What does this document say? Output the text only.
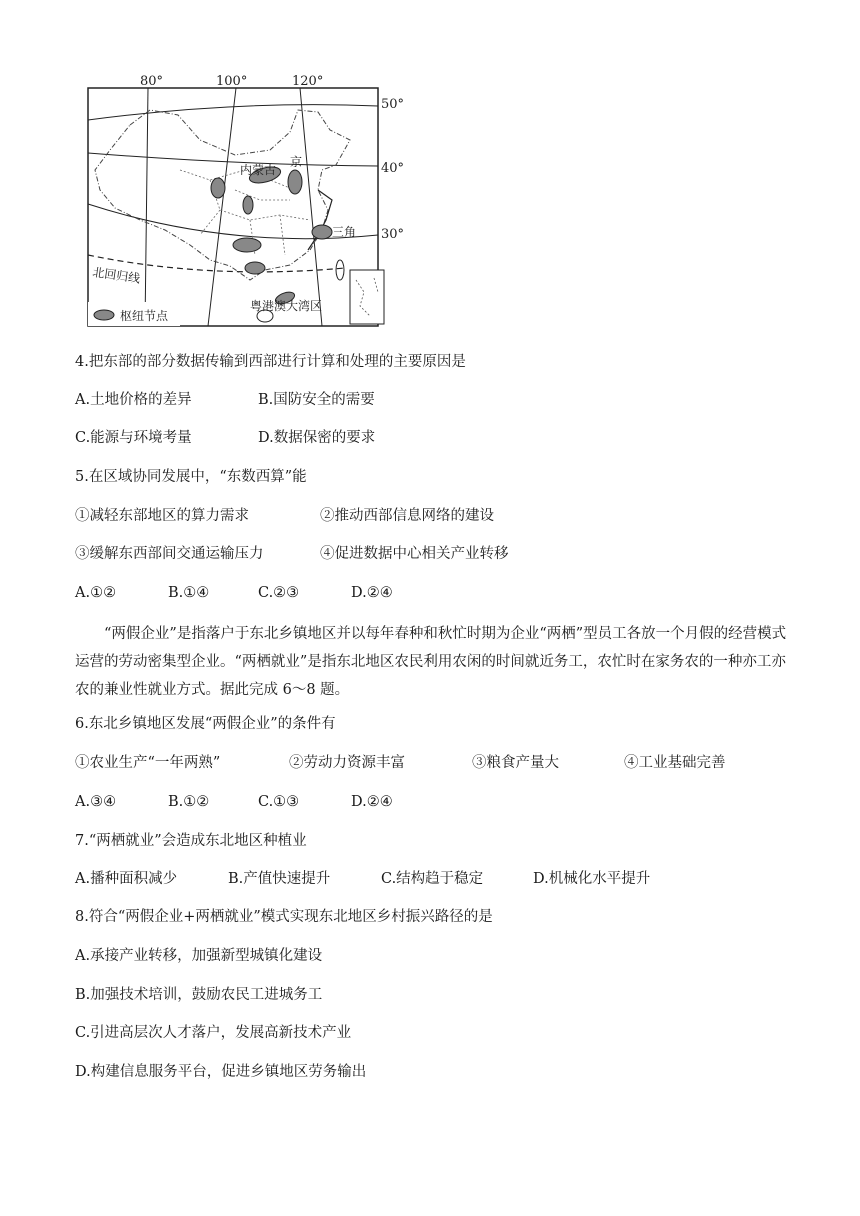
80°	100°	120°
50°
40°
30°
北回归线
枢纽节点
内蒙古
京
三角
粤港澳大湾区
4.把东部的部分数据传输到西部进行计算和处理的主要原因是
A.土地价格的差异	B.国防安全的需要
C.能源与环境考量	D.数据保密的要求
5.在区域协同发展中，“东数西算”能
①减轻东部地区的算力需求	②推动西部信息网络的建设
③缓解东西部间交通运输压力	④促进数据中心相关产业转移
A.①②	B.①④	C.②③	D.②④
“两假企业”是指落户于东北乡镇地区并以每年春种和秋忙时期为企业“两栖”型员工各放一个月假的经营模式运营的劳动密集型企业。“两栖就业”是指东北地区农民利用农闲的时间就近务工，农忙时在家务农的一种亦工亦农的兼业性就业方式。据此完成 6～8 题。
6.东北乡镇地区发展“两假企业”的条件有
①农业生产“一年两熟”	②劳动力资源丰富	③粮食产量大	④工业基础完善
A.③④	B.①②	C.①③	D.②④
7.“两栖就业”会造成东北地区种植业
A.播种面积减少	B.产值快速提升	C.结构趋于稳定	D.机械化水平提升
8.符合“两假企业+两栖就业”模式实现东北地区乡村振兴路径的是
A.承接产业转移，加强新型城镇化建设
B.加强技术培训，鼓励农民工进城务工
C.引进高层次人才落户，发展高新技术产业
D.构建信息服务平台，促进乡镇地区劳务输出
